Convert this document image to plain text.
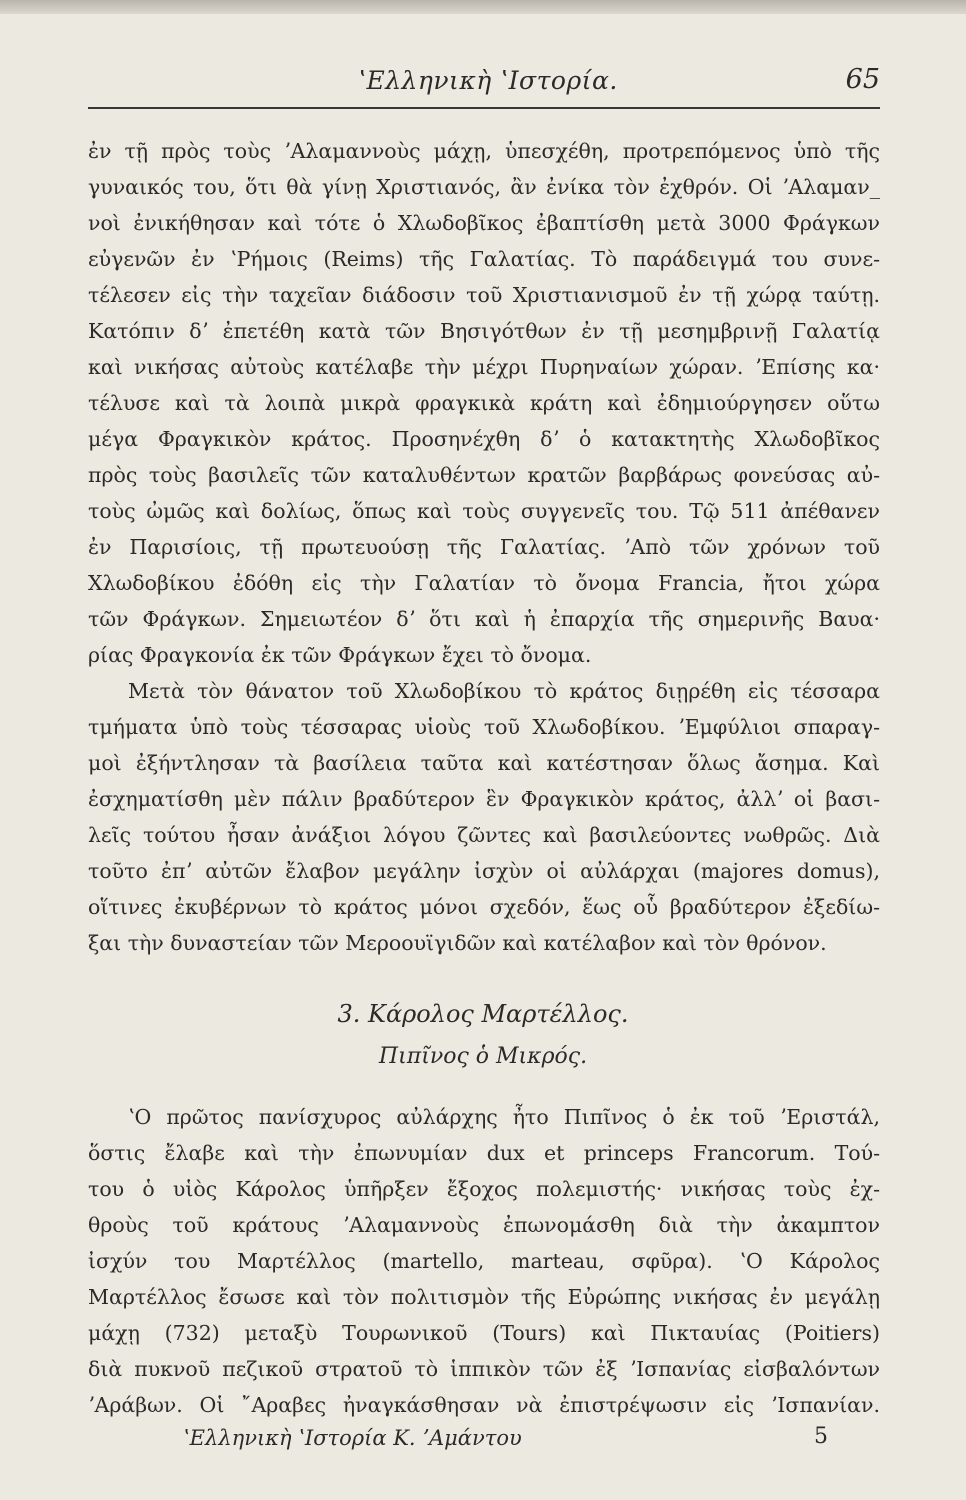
ʽΕλληνικὴ ʽΙστορία.	65
ἐν τῇ πρὸς τοὺς ʼΑλαμαννοὺς μάχῃ, ὑπεσχέθη, προτρεπόμενος ὑπὸ τῆς
γυναικός του, ὅτι θὰ γίνῃ Χριστιανός, ἂν ἐνίκα τὸν ἐχθρόν. Οἱ ʼΑλαμαν_
νοὶ ἐνικήθησαν καὶ τότε ὁ Χλωδοβῖκος ἐβαπτίσθη μετὰ 3000 Φράγκων
εὐγενῶν ἐν ʽΡήμοις (Reims) τῆς Γαλατίας. Τὸ παράδειγμά του συνε-
τέλεσεν εἰς τὴν ταχεῖαν διάδοσιν τοῦ Χριστιανισμοῦ ἐν τῇ χώρᾳ ταύτῃ.
Κατόπιν δʼ ἐπετέθη κατὰ τῶν Βησιγότθων ἐν τῇ μεσημβρινῇ Γαλατίᾳ
καὶ νικήσας αὐτοὺς κατέλαβε τὴν μέχρι Πυρηναίων χώραν. ʼΕπίσης κα·
τέλυσε καὶ τὰ λοιπὰ μικρὰ φραγκικὰ κράτη καὶ ἐδημιούργησεν οὕτω
μέγα Φραγκικὸν κράτος. Προσηνέχθη δʼ ὁ κατακτητὴς Χλωδοβῖκος
πρὸς τοὺς βασιλεῖς τῶν καταλυθέντων κρατῶν βαρβάρως φονεύσας αὐ-
τοὺς ὠμῶς καὶ δολίως, ὅπως καὶ τοὺς συγγενεῖς του. Τῷ 511 ἀπέθανεν
ἐν Παρισίοις, τῇ πρωτευούσῃ τῆς Γαλατίας. ʼΑπὸ τῶν χρόνων τοῦ
Χλωδοβίκου ἐδόθη εἰς τὴν Γαλατίαν τὸ ὄνομα Francia, ἤτοι χώρα
τῶν Φράγκων. Σημειωτέον δʼ ὅτι καὶ ἡ ἐπαρχία τῆς σημερινῆς Βαυα·
ρίας Φραγκονία ἐκ τῶν Φράγκων ἔχει τὸ ὄνομα.
Μετὰ τὸν θάνατον τοῦ Χλωδοβίκου τὸ κράτος διῃρέθη εἰς τέσσαρα
τμήματα ὑπὸ τοὺς τέσσαρας υἱοὺς τοῦ Χλωδοβίκου. ʼΕμφύλιοι σπαραγ-
μοὶ ἐξήντλησαν τὰ βασίλεια ταῦτα καὶ κατέστησαν ὅλως ἄσημα. Καὶ
ἐσχηματίσθη μὲν πάλιν βραδύτερον ἓν Φραγκικὸν κράτος, ἀλλʼ οἱ βασι-
λεῖς τούτου ἦσαν ἀνάξιοι λόγου ζῶντες καὶ βασιλεύοντες νωθρῶς. Διὰ
τοῦτο ἐπʼ αὐτῶν ἔλαβον μεγάλην ἰσχὺν οἱ αὐλάρχαι (majores domus),
οἵτινες ἐκυβέρνων τὸ κράτος μόνοι σχεδόν, ἕως οὗ βραδύτερον ἐξεδίω-
ξαι τὴν δυναστείαν τῶν Μεροουϊγιδῶν καὶ κατέλαβον καὶ τὸν θρόνον.
3. Κάρολος Μαρτέλλος.
Πιπῖνος ὁ Μικρός.
ʽΟ πρῶτος πανίσχυρος αὐλάρχης ἦτο Πιπῖνος ὁ ἐκ τοῦ ʼΕριστάλ,
ὅστις ἔλαβε καὶ τὴν ἐπωνυμίαν dux et princeps Francorum. Τού-
του ὁ υἱὸς Κάρολος ὑπῆρξεν ἔξοχος πολεμιστής· νικήσας τοὺς ἐχ-
θροὺς τοῦ κράτους ʼΑλαμαννοὺς ἐπωνομάσθη διὰ τὴν ἀκαμπτον
ἰσχύν του Μαρτέλλος (martello, marteau, σφῦρα). ʽΟ Κάρολος
Μαρτέλλος ἔσωσε καὶ τὸν πολιτισμὸν τῆς Εὐρώπης νικήσας ἐν μεγάλῃ
μάχῃ (732) μεταξὺ Τουρωνικοῦ (Tours) καὶ Πικταυίας (Poitiers)
διὰ πυκνοῦ πεζικοῦ στρατοῦ τὸ ἱππικὸν τῶν ἐξ ʼΙσπανίας εἰσβαλόντων
ʼΑράβων. Οἱ ῎Αραβες ἠναγκάσθησαν νὰ ἐπιστρέψωσιν εἰς ʼΙσπανίαν.
ʽΕλληνικὴ ʽΙστορία Κ. ʼΑμάντου	5
